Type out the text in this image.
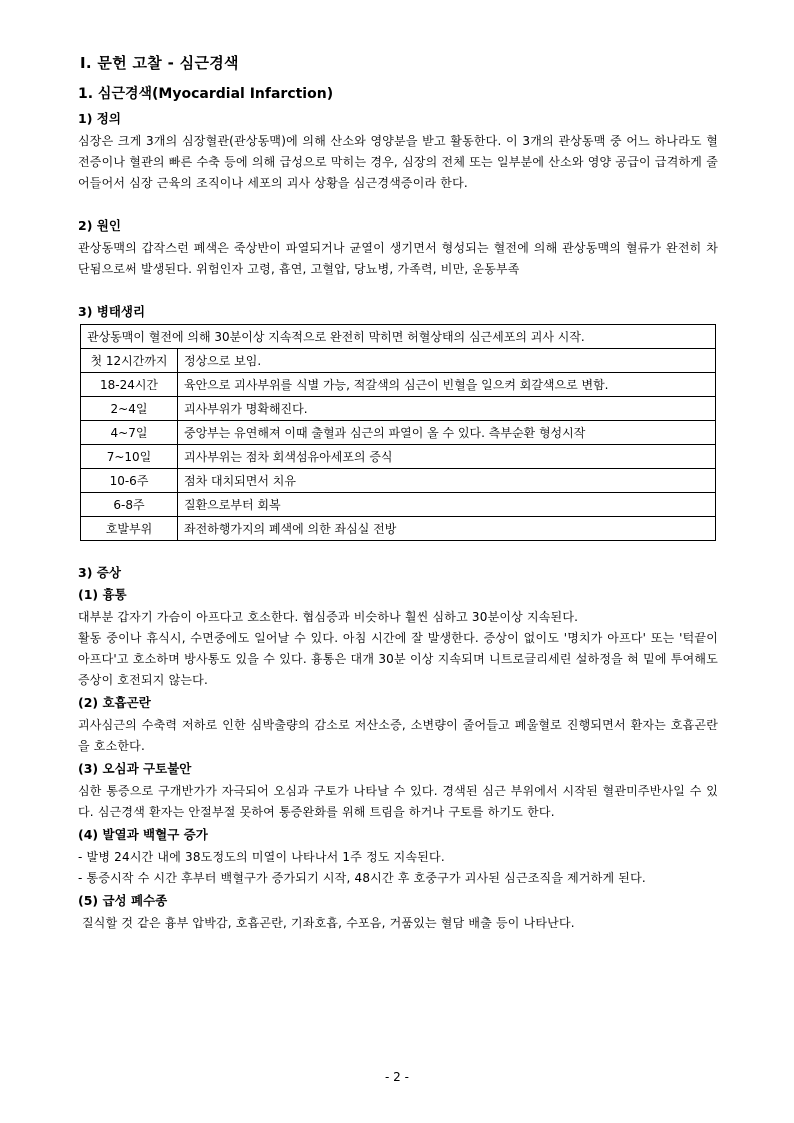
Ⅰ. 문헌 고찰 - 심근경색
1. 심근경색(Myocardial Infarction)
1) 정의

심장은 크게 3개의 심장혈관(관상동맥)에 의해 산소와 영양분을 받고 활동한다. 이 3개의 관상동맥 중 어느 하나라도 혈전증이나 혈관의 빠른 수축 등에 의해 급성으로 막히는 경우, 심장의 전체 또는 일부분에 산소와 영양 공급이 급격하게 줄어들어서 심장 근육의 조직이나 세포의 괴사 상황을 심근경색증이라 한다.

2) 원인

관상동맥의 갑작스런 폐색은 죽상반이 파열되거나 균열이 생기면서 형성되는 혈전에 의해 관상동맥의 혈류가 완전히 차단됨으로써 발생된다. 위험인자 고령, 흡연, 고혈압, 당뇨병, 가족력, 비만, 운동부족

3) 병태생리
관상동맥이 혈전에 의해 30분이상 지속적으로 완전히 막히면 허혈상태의 심근세포의 괴사 시작.	
첫 12시간까지	정상으로 보임.
18-24시간	육안으로 괴사부위를 식별 가능, 적갈색의 심근이 빈혈을 일으켜 회갈색으로 변함.
2~4일	괴사부위가 명확해진다.
4~7일	중앙부는 유연해져 이때 출혈과 심근의 파열이 올 수 있다. 측부순환 형성시작
7~10일	괴사부위는 점차 회색섬유아세포의 증식
10-6주	점차 대치되면서 치유
6-8주	질환으로부터 회복
호발부위	좌전하행가지의 폐색에 의한 좌심실 전방
3) 증상
(1) 흉통

대부분 갑자기 가슴이 아프다고 호소한다. 협심증과 비슷하나 훨씬 심하고 30분이상 지속된다.

활동 중이나 휴식시, 수면중에도 일어날 수 있다. 아침 시간에 잘 발생한다. 증상이 없이도 '명치가 아프다' 또는 '턱끝이 아프다'고 호소하며 방사통도 있을 수 있다. 흉통은 대개 30분 이상 지속되며 니트로글리세린 설하정을 혀 밑에 투여해도 증상이 호전되지 않는다.

(2) 호흡곤란

괴사심근의 수축력 저하로 인한 심박출량의 감소로 저산소증, 소변량이 줄어들고 폐울혈로 진행되면서 환자는 호흡곤란을 호소한다.

(3) 오심과 구토불안

심한 통증으로 구개반가가 자극되어 오심과 구토가 나타날 수 있다. 경색된 심근 부위에서 시작된 혈관미주반사일 수 있다. 심근경색 환자는 안절부절 못하여 통증완화를 위해 트림을 하거나 구토를 하기도 한다.

(4) 발열과 백혈구 증가

- 발병 24시간 내에 38도정도의 미열이 나타나서 1주 정도 지속된다.

- 통증시작 수 시간 후부터 백혈구가 증가되기 시작, 48시간 후 호중구가 괴사된 심근조직을 제거하게 된다.

(5) 급성 폐수종

질식할 것 같은 흉부 압박감, 호흡곤란, 기좌호흡, 수포음, 거품있는 혈담 배출 등이 나타난다.

- 2 -
